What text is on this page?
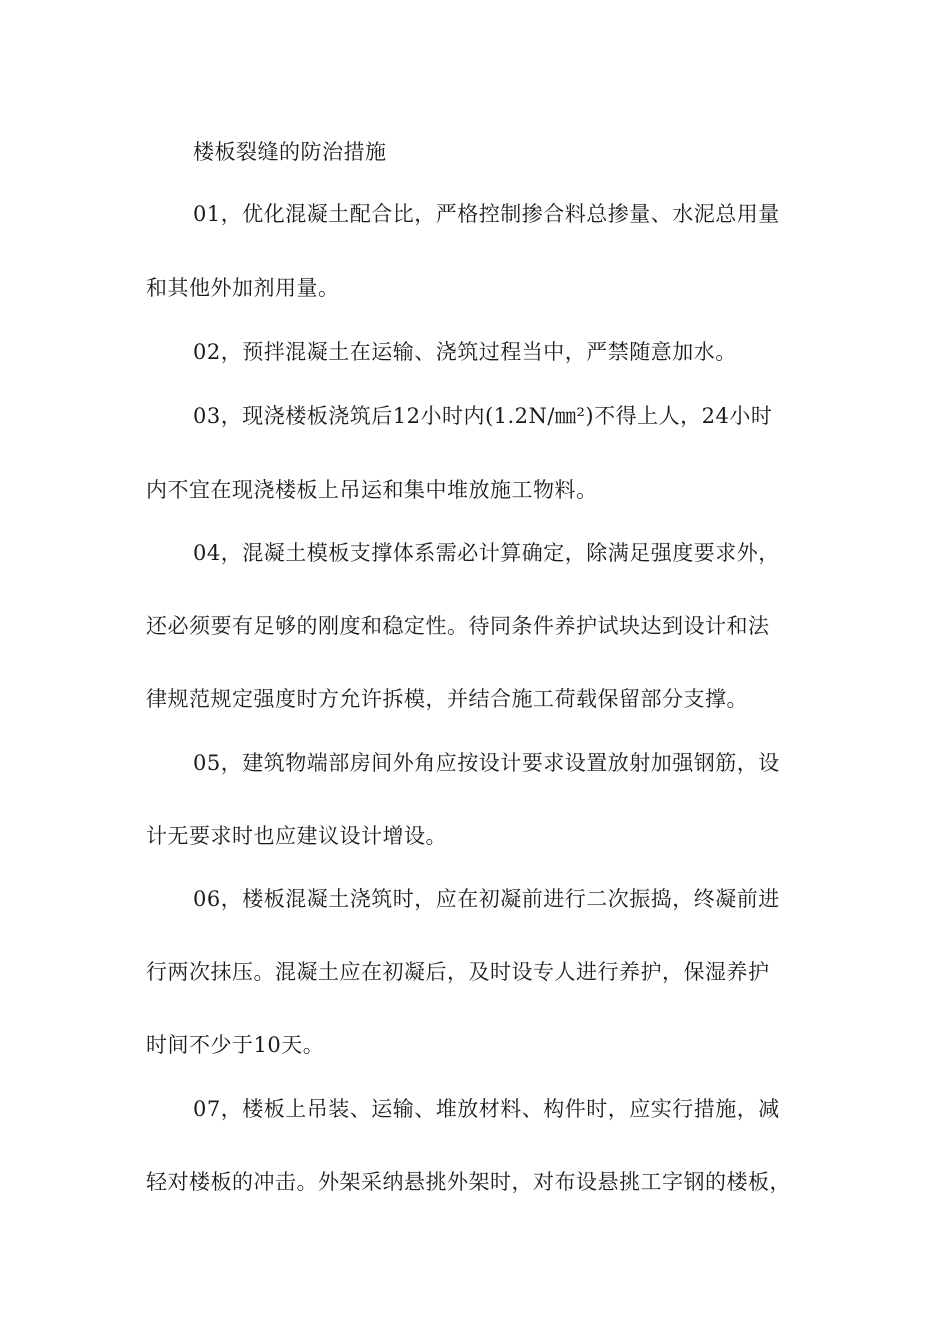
楼板裂缝的防治措施
01，优化混凝土配合比，严格控制掺合料总掺量、水泥总用量
和其他外加剂用量。
02，预拌混凝土在运输、浇筑过程当中，严禁随意加水。
03，现浇楼板浇筑后12小时内(1.2N/㎜²)不得上人，24小时
内不宜在现浇楼板上吊运和集中堆放施工物料。
04，混凝土模板支撑体系需必计算确定，除满足强度要求外，
还必须要有足够的刚度和稳定性。待同条件养护试块达到设计和法
律规范规定强度时方允许拆模，并结合施工荷载保留部分支撑。
05，建筑物端部房间外角应按设计要求设置放射加强钢筋，设
计无要求时也应建议设计增设。
06，楼板混凝土浇筑时，应在初凝前进行二次振捣，终凝前进
行两次抹压。混凝土应在初凝后，及时设专人进行养护，保湿养护
时间不少于10天。
07，楼板上吊装、运输、堆放材料、构件时，应实行措施，减
轻对楼板的冲击。外架采纳悬挑外架时，对布设悬挑工字钢的楼板，
